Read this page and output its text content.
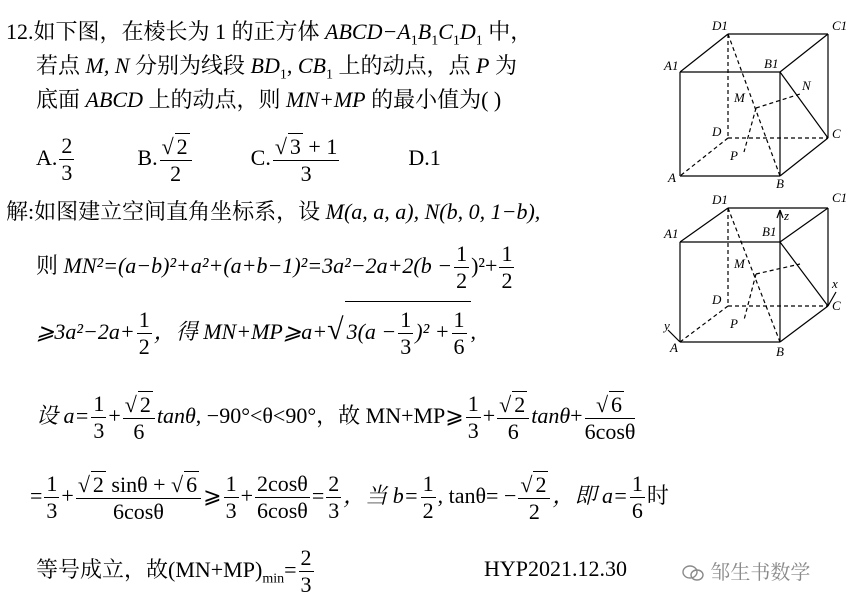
12.如下图，在棱长为 1 的正方体 $ABCD-A_1B_1C_1D_1$ 中，
若点 M, N 分别为线段 $BD_1$, $CB_1$ 上的动点，点 P 为
底面 ABCD 上的动点，则 MN+MP 的最小值为( )
A. $\frac{2}{3}$	B. √ $\frac{2}{2}$	C. √ $\frac{3 + 1}{3}$	D.1
解:如图建立空间直角坐标系，设 M(a, a, a), N(b, 0, 1−b),
则 $MN^2=(a-b)^2+a^2+(a+b-1)^2=3a^2-2a+2(b - \frac{1}{2} )^2+ \frac{1}{2}$
⩾3a²−2a+ $\frac{1}{2}$ ，得 MN+MP⩾a+ √ $3(a - \frac{1}{3} )^2 + \frac{1}{6}$ ,
设 $a= \frac{1}{3}$ + √ $\frac{2}{6} \tan\theta$, −90°<θ<90°，故 MN+MP⩾ $\frac{1}{3}$ + √ $\frac{2}{6} \tan\theta+$ √ $\frac{6}{6\cos\theta}$
= $\frac{1}{3}$ + √ $\frac{2 \sin\theta + √ 6}{6\cos\theta}$ ⩾ $\frac{1}{3} + \frac{2\cos\theta}{6\cos\theta} = \frac{2}{3}$ ，当 $b= \frac{1}{2}$ , tanθ= − √ $\frac{2}{2}$ ，即 $a= \frac{1}{6}$ 时
等号成立，故$(MN+MP)_{min}= \frac{2}{3}$	HYP2021.12.30	邹生书数学
D1	C1
A1	B1
N
M
D	C
P
A	B
D1	C1
A1	B1
z
M
D	C
x
P
y
A	B
